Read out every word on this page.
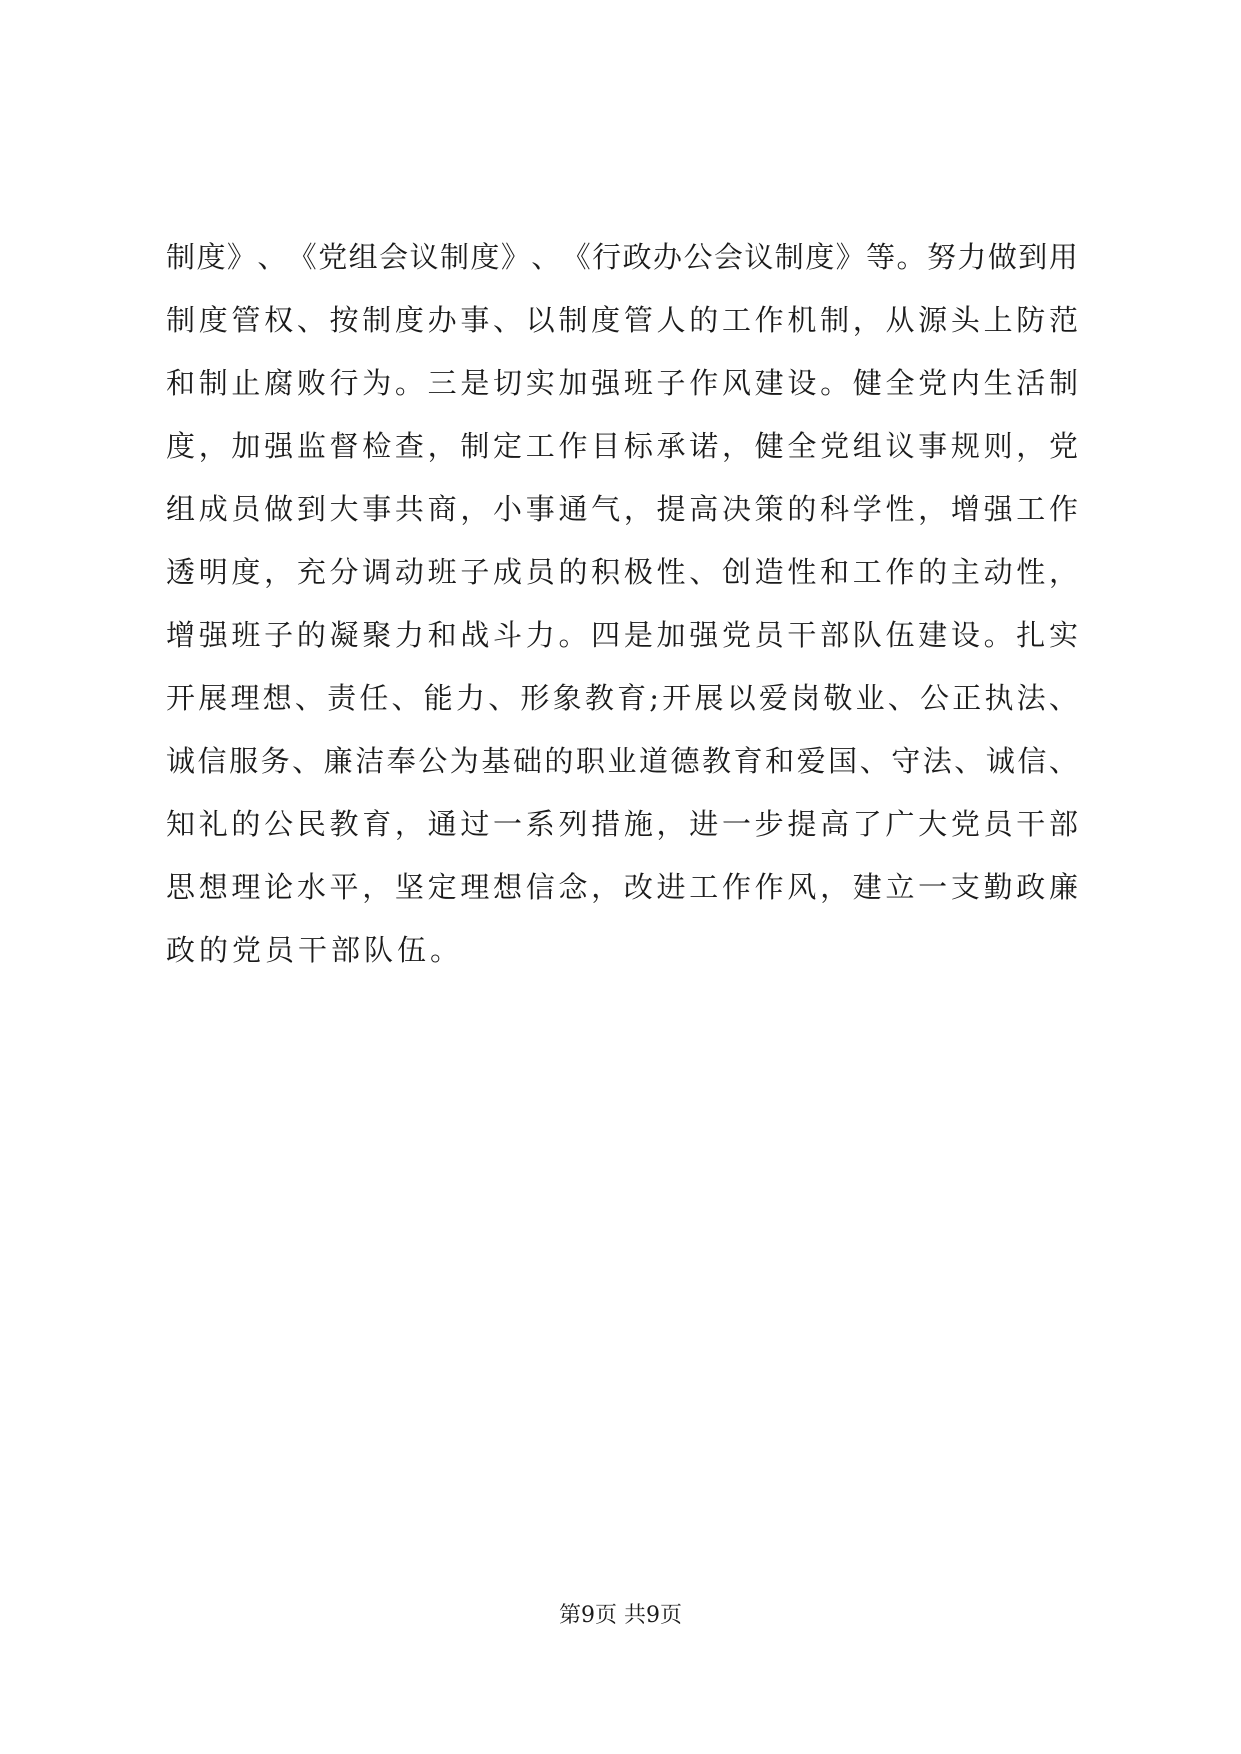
制 度 》 、 《 党 组 会 议 制 度 》 、 《 行 政 办 公 会 议 制 度 》 等 。 努 力 做 到 用
制 度 管 权 、 按 制 度 办 事 、 以 制 度 管 人 的 工 作 机 制 ， 从 源 头 上 防 范
和 制 止 腐 败 行 为 。 三 是 切 实 加 强 班 子 作 风 建 设 。 健 全 党 内 生 活 制
度 ， 加 强 监 督 检 查 ， 制 定 工 作 目 标 承 诺 ， 健 全 党 组 议 事 规 则 ， 党
组 成 员 做 到 大 事 共 商 ， 小 事 通 气 ， 提 高 决 策 的 科 学 性 ， 增 强 工 作
透 明 度 ， 充 分 调 动 班 子 成 员 的 积 极 性 、 创 造 性 和 工 作 的 主 动 性 ，
增 强 班 子 的 凝 聚 力 和 战 斗 力 。 四 是 加 强 党 员 干 部 队 伍 建 设 。 扎 实
开 展 理 想 、 责 任 、 能 力 、 形 象 教 育 ; 开 展 以 爱 岗 敬 业 、 公 正 执 法 、
诚 信 服 务 、 廉 洁 奉 公 为 基 础 的 职 业 道 德 教 育 和 爱 国 、 守 法 、 诚 信 、
知 礼 的 公 民 教 育 ， 通 过 一 系 列 措 施 ， 进 一 步 提 高 了 广 大 党 员 干 部
思 想 理 论 水 平 ， 坚 定 理 想 信 念 ， 改 进 工 作 作 风 ， 建 立 一 支 勤 政 廉
政的党员干部队伍。
第9页 共9页
